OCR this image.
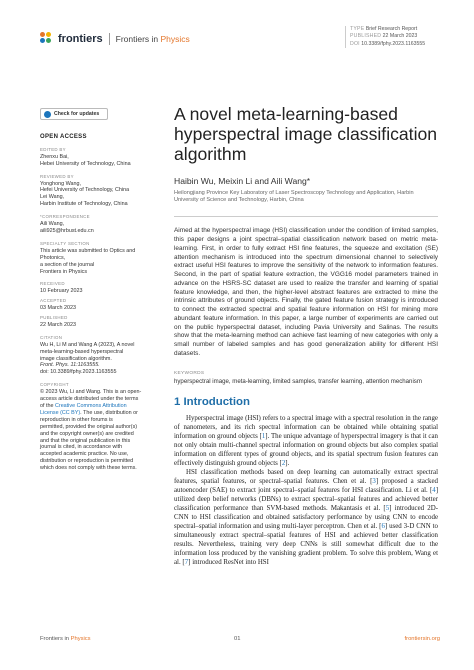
frontiers Frontiers in Physics
TYPE Brief Research Report
PUBLISHED 22 March 2023
DOI 10.3389/fphy.2023.1163555
Check for updates
OPEN ACCESS
EDITED BY
Zhenxu Bai,
Hebei University of Technology, China
REVIEWED BY
Yonghong Wang,
Hefei University of Technology, China
Lei Wang,
Harbin Institute of Technology, China
*CORRESPONDENCE
Aili Wang,
aili925@hrbust.edu.cn
SPECIALTY SECTION
This article was submitted to Optics and
Photonics,
a section of the journal
Frontiers in Physics
RECEIVED
10 February 2023
ACCEPTED
03 March 2023
PUBLISHED
22 March 2023
CITATION
Wu H, Li M and Wang A (2023), A novel
meta-learning-based hyperspectral
image classification algorithm.
Front. Phys. 11:1163555.
doi: 10.3389/fphy.2023.1163555
COPYRIGHT
© 2023 Wu, Li and Wang. This is an open-
access article distributed under the terms
of the Creative Commons Attribution
License (CC BY). The use, distribution or
reproduction in other forums is
permitted, provided the original author(s)
and the copyright owner(s) are credited
and that the original publication in this
journal is cited, in accordance with
accepted academic practice. No use,
distribution or reproduction is permitted
which does not comply with these terms.
A novel meta-learning-based hyperspectral image classification algorithm
Haibin Wu, Meixin Li and Aili Wang*
Heilongjiang Province Key Laboratory of Laser Spectroscopy Technology and Application, Harbin University of Science and Technology, Harbin, China
Aimed at the hyperspectral image (HSI) classification under the condition of limited samples, this paper designs a joint spectral–spatial classification network based on metric meta-learning. First, in order to fully extract HSI fine features, the squeeze and excitation (SE) attention mechanism is introduced into the spectrum dimensional channel to selectively extract useful HSI features to improve the sensitivity of the network to information features. Second, in the part of spatial feature extraction, the VGG16 model parameters trained in advance on the HSRS-SC dataset are used to realize the transfer and learning of spatial feature knowledge, and then, the higher-level abstract features are extracted to mine the intrinsic attributes of ground objects. Finally, the gated feature fusion strategy is introduced to connect the extracted spectral and spatial feature information on HSI for mining more abundant feature information. In this paper, a large number of experiments are carried out on the public hyperspectral dataset, including Pavia University and Salinas. The results show that the meta-learning method can achieve fast learning of new categories with only a small number of labeled samples and has good generalization ability for different HSI datasets.
KEYWORDS
hyperspectral image, meta-learning, limited samples, transfer learning, attention mechanism
1 Introduction

Hyperspectral image (HSI) refers to a spectral image with a spectral resolution in the range of nanometers, and its rich spectral information can be obtained while obtaining spatial information on ground objects [1]. The unique advantage of hyperspectral imagery is that it can not only obtain multi-channel spectral information on ground objects but also complex spatial information on different types of ground objects, and its spatial spectrum fusion features can effectively distinguish ground objects [2].

HSI classification methods based on deep learning can automatically extract spectral features, spatial features, or spectral–spatial features. Chen et al. [3] proposed a stacked autoencoder (SAE) to extract joint spectral–spatial features for HSI classification. Li et al. [4] utilized deep belief networks (DBNs) to extract spectral–spatial features and achieved better classification performance than SVM-based methods. Makantasis et al. [5] introduced 2D-CNN to HSI classification and obtained satisfactory performance by using CNN to encode spectral–spatial information and using multi-layer perceptron. Chen et al. [6] used 3-D CNN to simultaneously extract spectral–spatial features of HSI and achieved better classification results. Nevertheless, training very deep CNNs is still somewhat difficult due to the information loss produced by the vanishing gradient problem. To solve this problem, Wang et al. [7] introduced ResNet into HSI

Frontiers in Physics	01	frontiersin.org
